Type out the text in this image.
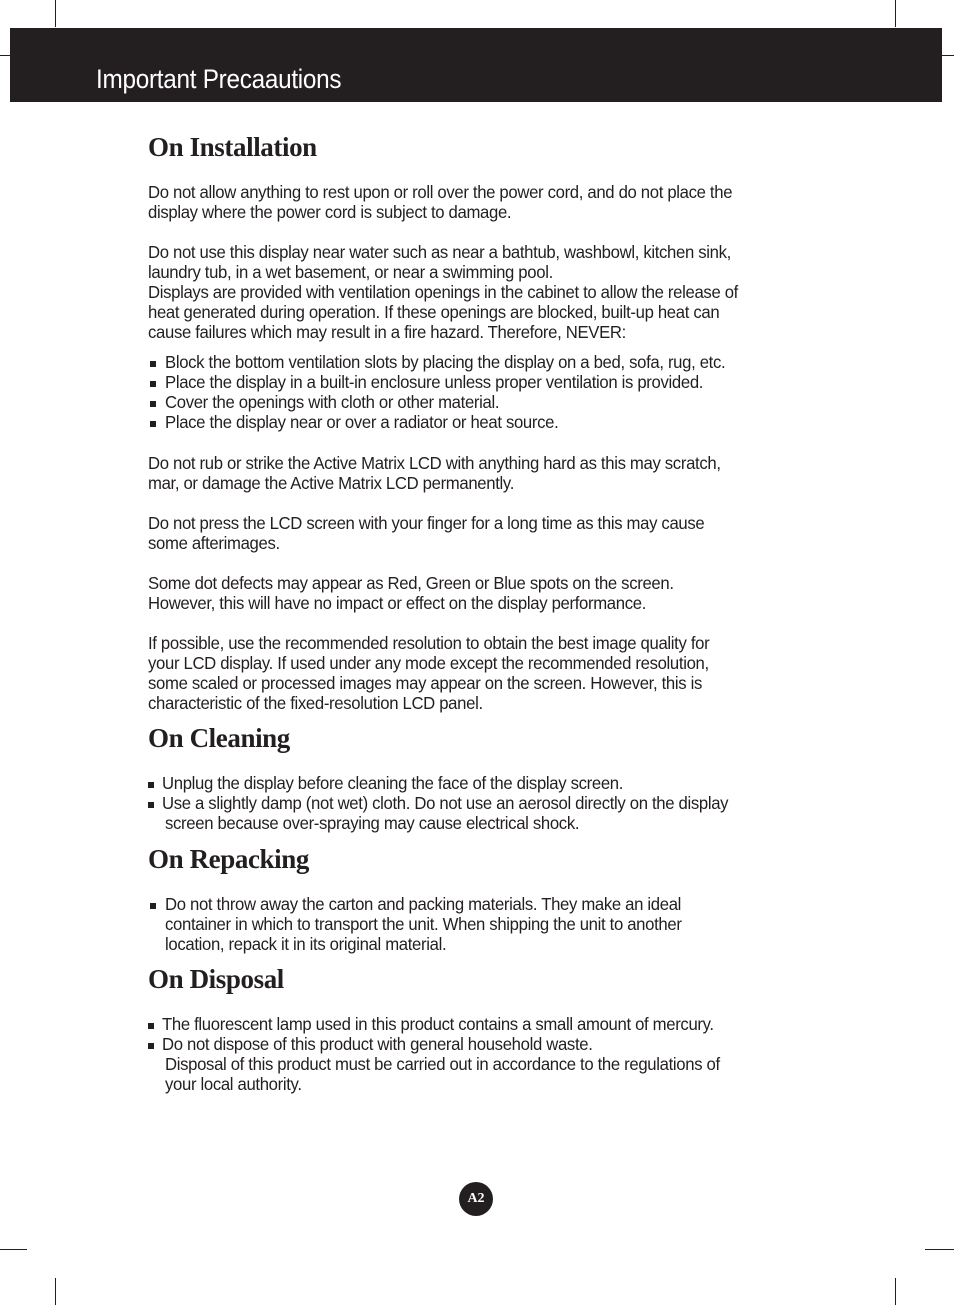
Important Precaautions
On Installation
Do not allow anything to rest upon or roll over the power cord, and do not place the
display where the power cord is subject to damage.
Do not use this display near water such as near a bathtub, washbowl, kitchen sink,
laundry tub, in a wet basement, or near a swimming pool.
Displays are provided with ventilation openings in the cabinet to allow the release of
heat generated during operation. If these openings are blocked, built-up heat can
cause failures which may result in a fire hazard. Therefore, NEVER:
Block the bottom ventilation slots by placing the display on a bed, sofa, rug, etc.
Place the display in a built-in enclosure unless proper ventilation is provided.
Cover the openings with cloth or other material.
Place the display near or over a radiator or heat source.
Do not rub or strike the Active Matrix LCD with anything hard as this may scratch,
mar, or damage the Active Matrix LCD permanently.
Do not press the LCD screen with your finger for a long time as this may cause
some afterimages.
Some dot defects may appear as Red, Green or Blue spots on the screen.
However, this will have no impact or effect on the display performance.
If possible, use the recommended resolution to obtain the best image quality for
your LCD display. If used under any mode except the recommended resolution,
some scaled or processed images may appear on the screen. However, this is
characteristic of the fixed-resolution LCD panel.
On Cleaning
Unplug the display before cleaning the face of the display screen.
Use a slightly damp (not wet) cloth. Do not use an aerosol directly on the display
screen because over-spraying may cause electrical shock.
On Repacking
Do not throw away the carton and packing materials. They make an ideal
container in which to transport the unit. When shipping the unit to another
location, repack it in its original material.
On Disposal
The fluorescent lamp used in this product contains a small amount of mercury.
Do not dispose of this product with general household waste.
Disposal of this product must be carried out in accordance to the regulations of
your local authority.
A2
